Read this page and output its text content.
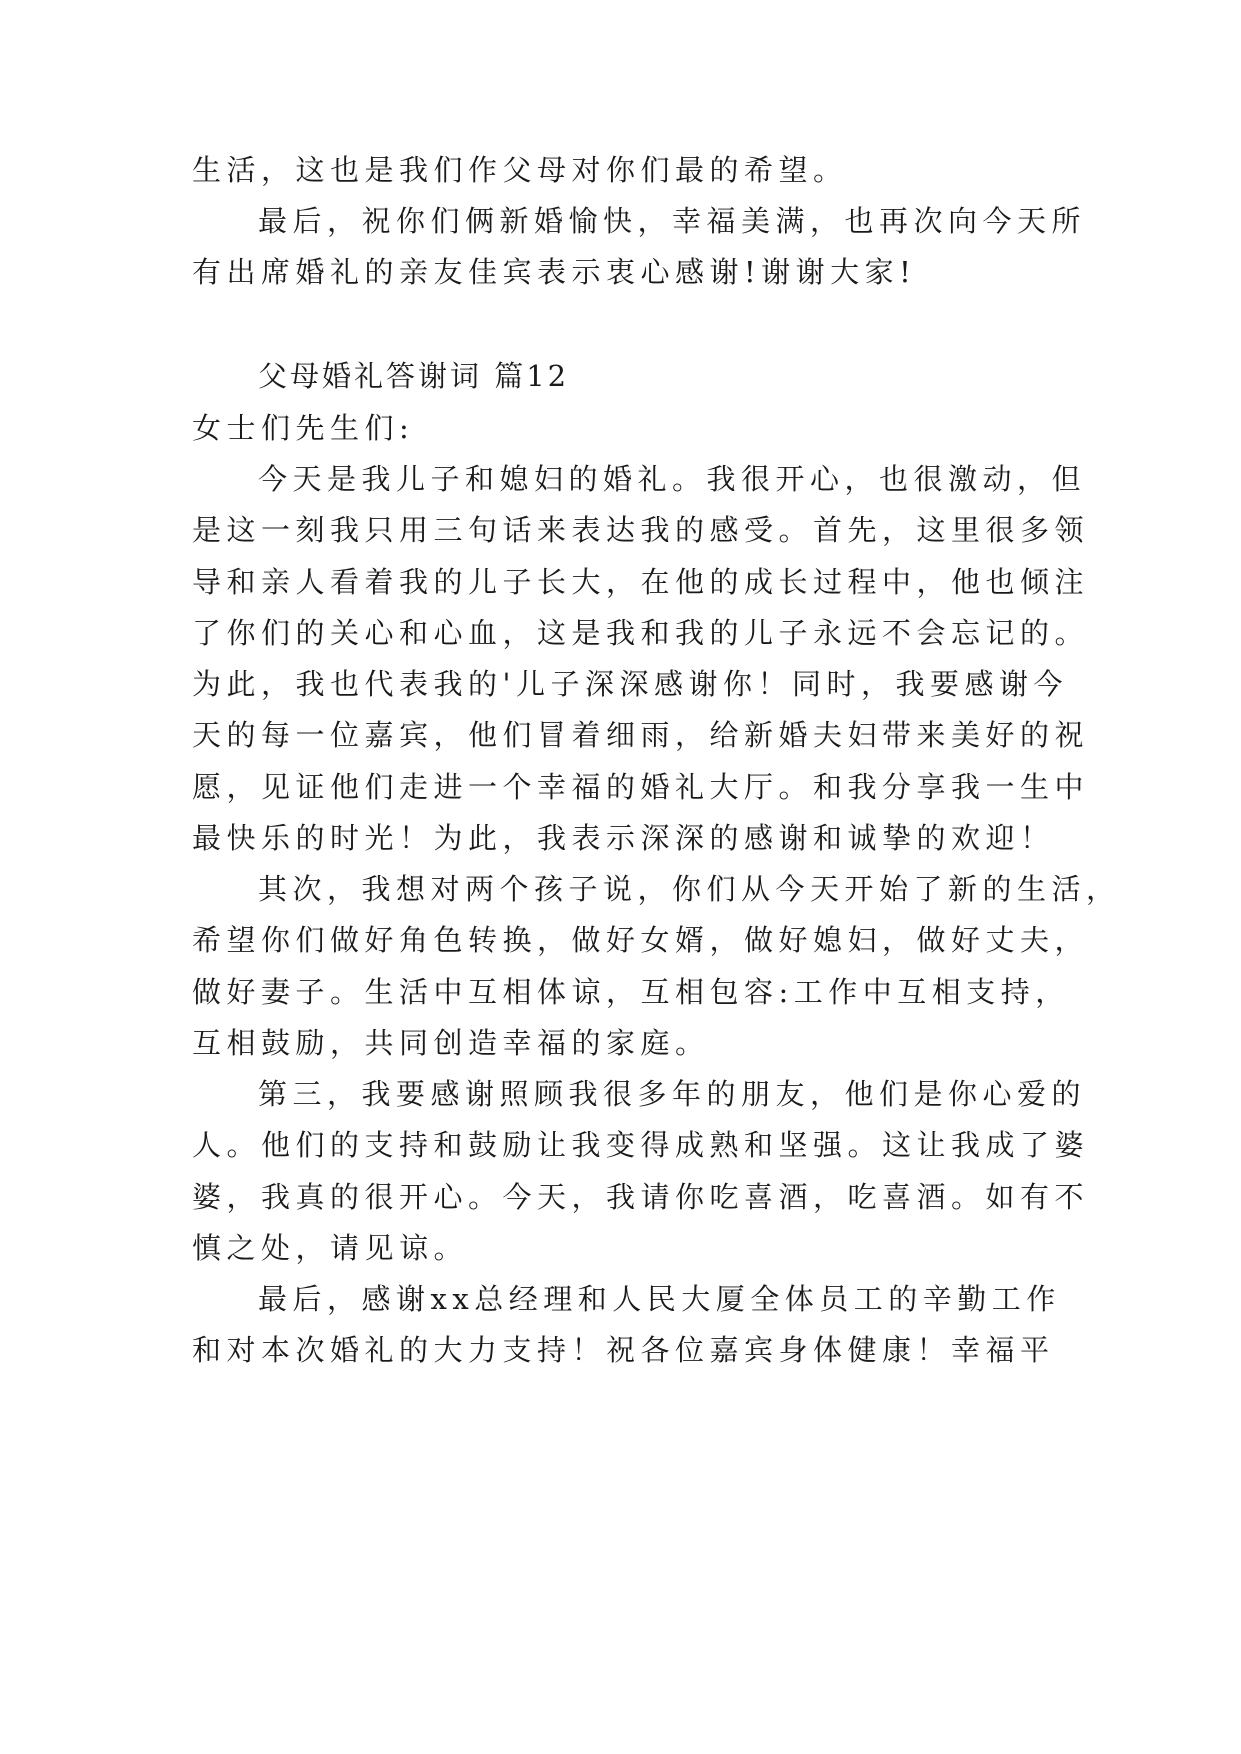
生活，这也是我们作父母对你们最的希望。
最后，祝你们俩新婚愉快，幸福美满，也再次向今天所
有出席婚礼的亲友佳宾表示衷心感谢!谢谢大家!
父母婚礼答谢词 篇12
女士们先生们:
今天是我儿子和媳妇的婚礼。我很开心，也很激动，但
是这一刻我只用三句话来表达我的感受。首先，这里很多领
导和亲人看着我的儿子长大，在他的成长过程中，他也倾注
了你们的关心和心血，这是我和我的儿子永远不会忘记的。
为此，我也代表我的'儿子深深感谢你！同时，我要感谢今
天的每一位嘉宾，他们冒着细雨，给新婚夫妇带来美好的祝
愿，见证他们走进一个幸福的婚礼大厅。和我分享我一生中
最快乐的时光！为此，我表示深深的感谢和诚挚的欢迎！
其次，我想对两个孩子说，你们从今天开始了新的生活，
希望你们做好角色转换，做好女婿，做好媳妇，做好丈夫，
做好妻子。生活中互相体谅，互相包容:工作中互相支持，
互相鼓励，共同创造幸福的家庭。
第三，我要感谢照顾我很多年的朋友，他们是你心爱的
人。他们的支持和鼓励让我变得成熟和坚强。这让我成了婆
婆，我真的很开心。今天，我请你吃喜酒，吃喜酒。如有不
慎之处，请见谅。
最后，感谢xx总经理和人民大厦全体员工的辛勤工作
和对本次婚礼的大力支持！祝各位嘉宾身体健康！幸福平
